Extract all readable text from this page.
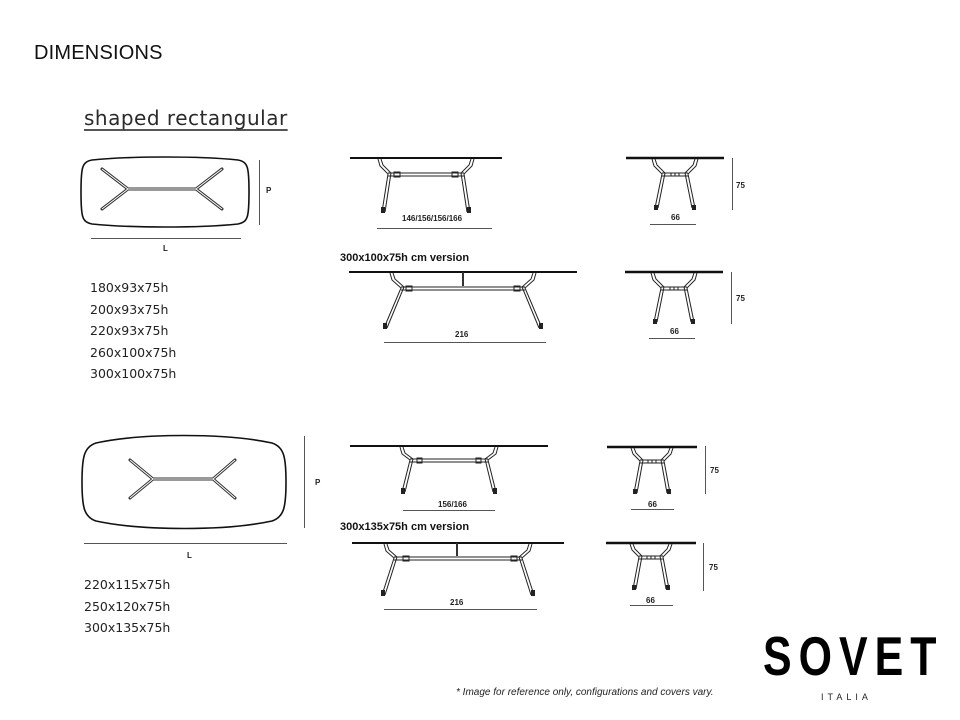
DIMENSIONS
shaped rectangular
P
L
180x93x75h
200x93x75h
220x93x75h
260x100x75h
300x100x75h
146/156/156/166
75
66
300x100x75h cm version
216
75
66
P
L
220x115x75h
250x120x75h
300x135x75h
156/166
75
66
300x135x75h cm version
216
75
66
* Image for reference only, configurations and covers vary.
SOVET
ITALIA
